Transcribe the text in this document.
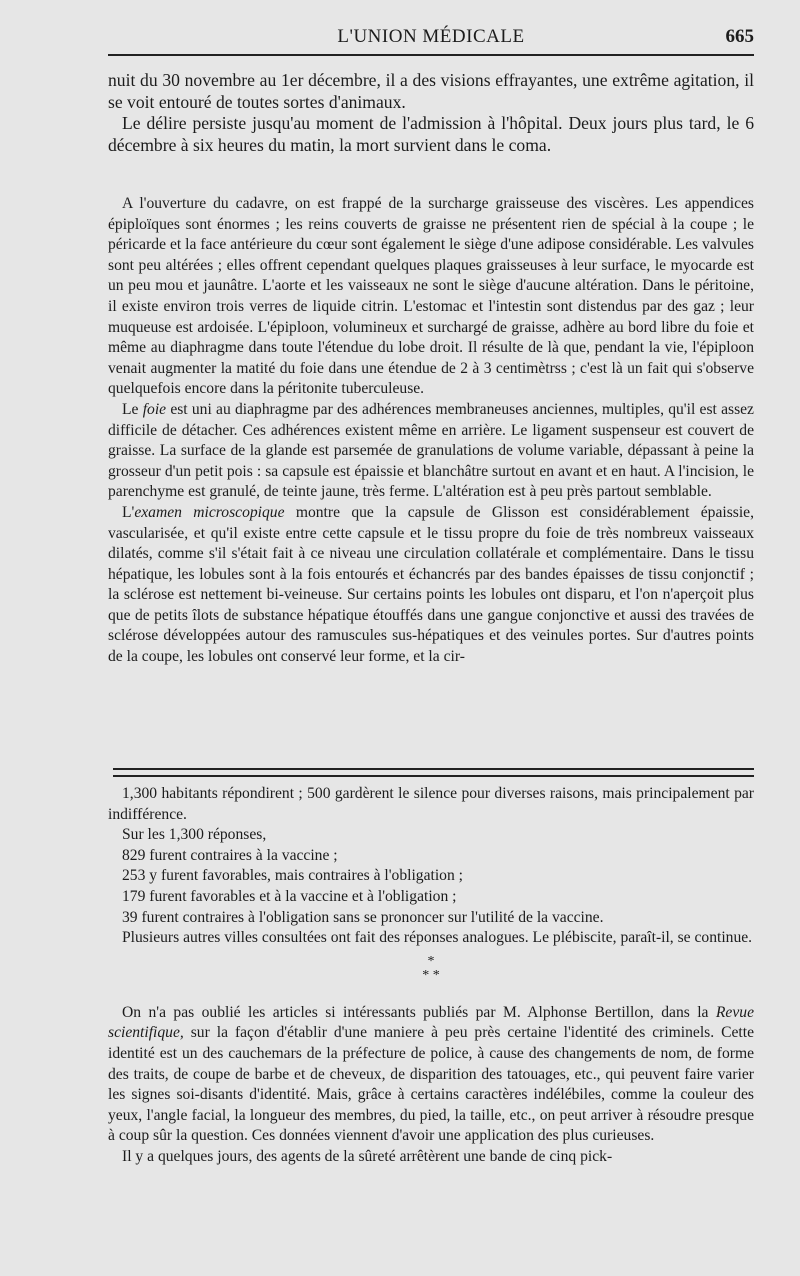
L'UNION MÉDICALE	665

nuit du 30 novembre au 1er décembre, il a des visions effrayantes, une extrême agitation, il se voit entouré de toutes sortes d'animaux.

Le délire persiste jusqu'au moment de l'admission à l'hôpital. Deux jours plus tard, le 6 décembre à six heures du matin, la mort survient dans le coma.

A l'ouverture du cadavre, on est frappé de la surcharge graisseuse des viscères. Les appendices épiploïques sont énormes ; les reins couverts de graisse ne présentent rien de spécial à la coupe ; le péricarde et la face antérieure du cœur sont également le siège d'une adipose considérable. Les valvules sont peu altérées ; elles offrent cependant quelques plaques graisseuses à leur surface, le myocarde est un peu mou et jaunâtre. L'aorte et les vaisseaux ne sont le siège d'aucune altération. Dans le péritoine, il existe environ trois verres de liquide citrin. L'estomac et l'intestin sont distendus par des gaz ; leur muqueuse est ardoisée. L'épiploon, volumineux et surchargé de graisse, adhère au bord libre du foie et même au diaphragme dans toute l'étendue du lobe droit. Il résulte de là que, pendant la vie, l'épiploon venait augmenter la matité du foie dans une étendue de 2 à 3 centimètrss ; c'est là un fait qui s'observe quelquefois encore dans la péritonite tuberculeuse.

Le foie est uni au diaphragme par des adhérences membraneuses anciennes, multiples, qu'il est assez difficile de détacher. Ces adhérences existent même en arrière. Le ligament suspenseur est couvert de graisse. La surface de la glande est parsemée de granulations de volume variable, dépassant à peine la grosseur d'un petit pois : sa capsule est épaissie et blanchâtre surtout en avant et en haut. A l'incision, le parenchyme est granulé, de teinte jaune, très ferme. L'altération est à peu près partout semblable.

L'examen microscopique montre que la capsule de Glisson est considérablement épaissie, vascularisée, et qu'il existe entre cette capsule et le tissu propre du foie de très nombreux vaisseaux dilatés, comme s'il s'était fait à ce niveau une circulation collatérale et complémentaire. Dans le tissu hépatique, les lobules sont à la fois entourés et échancrés par des bandes épaisses de tissu conjonctif ; la sclérose est nettement bi-veineuse. Sur certains points les lobules ont disparu, et l'on n'aperçoit plus que de petits îlots de substance hépatique étouffés dans une gangue conjonctive et aussi des travées de sclérose développées autour des ramuscules sus-hépatiques et des veinules portes. Sur d'autres points de la coupe, les lobules ont conservé leur forme, et la cir-

1,300 habitants répondirent ; 500 gardèrent le silence pour diverses raisons, mais principalement par indifférence.

Sur les 1,300 réponses,

829 furent contraires à la vaccine ;

253 y furent favorables, mais contraires à l'obligation ;

179 furent favorables et à la vaccine et à l'obligation ;

39 furent contraires à l'obligation sans se prononcer sur l'utilité de la vaccine.

Plusieurs autres villes consultées ont fait des réponses analogues. Le plébiscite, paraît-il, se continue.

*
* *

On n'a pas oublié les articles si intéressants publiés par M. Alphonse Bertillon, dans la Revue scientifique, sur la façon d'établir d'une maniere à peu près certaine l'identité des criminels. Cette identité est un des cauchemars de la préfecture de police, à cause des changements de nom, de forme des traits, de coupe de barbe et de cheveux, de disparition des tatouages, etc., qui peuvent faire varier les signes soi-disants d'identité. Mais, grâce à certains caractères indélébiles, comme la couleur des yeux, l'angle facial, la longueur des membres, du pied, la taille, etc., on peut arriver à résoudre presque à coup sûr la question. Ces données viennent d'avoir une application des plus curieuses.

Il y a quelques jours, des agents de la sûreté arrêtèrent une bande de cinq pick-
